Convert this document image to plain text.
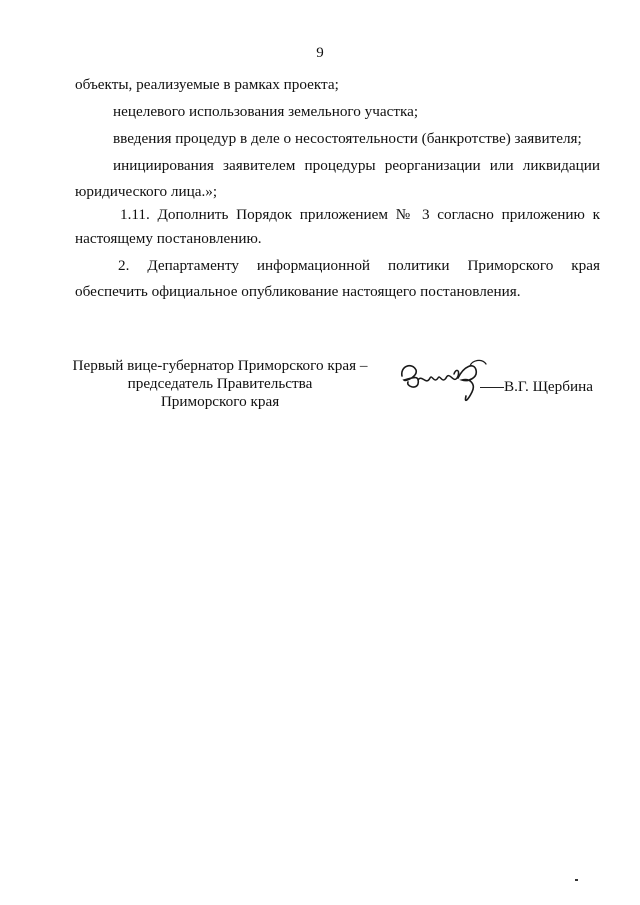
9
объекты, реализуемые в рамках проекта;
нецелевого использования земельного участка;
введения процедур в деле о несостоятельности (банкротстве) заявителя;
инициирования заявителем процедуры реорганизации или ликвидации
юридического лица.»;
1.11. Дополнить Порядок приложением № 3 согласно приложению к
настоящему постановлению.
2. Департаменту информационной политики Приморского края
обеспечить официальное опубликование настоящего постановления.
Первый вице-губернатор Приморского края –
председатель Правительства
Приморского края
В.Г. Щербина
